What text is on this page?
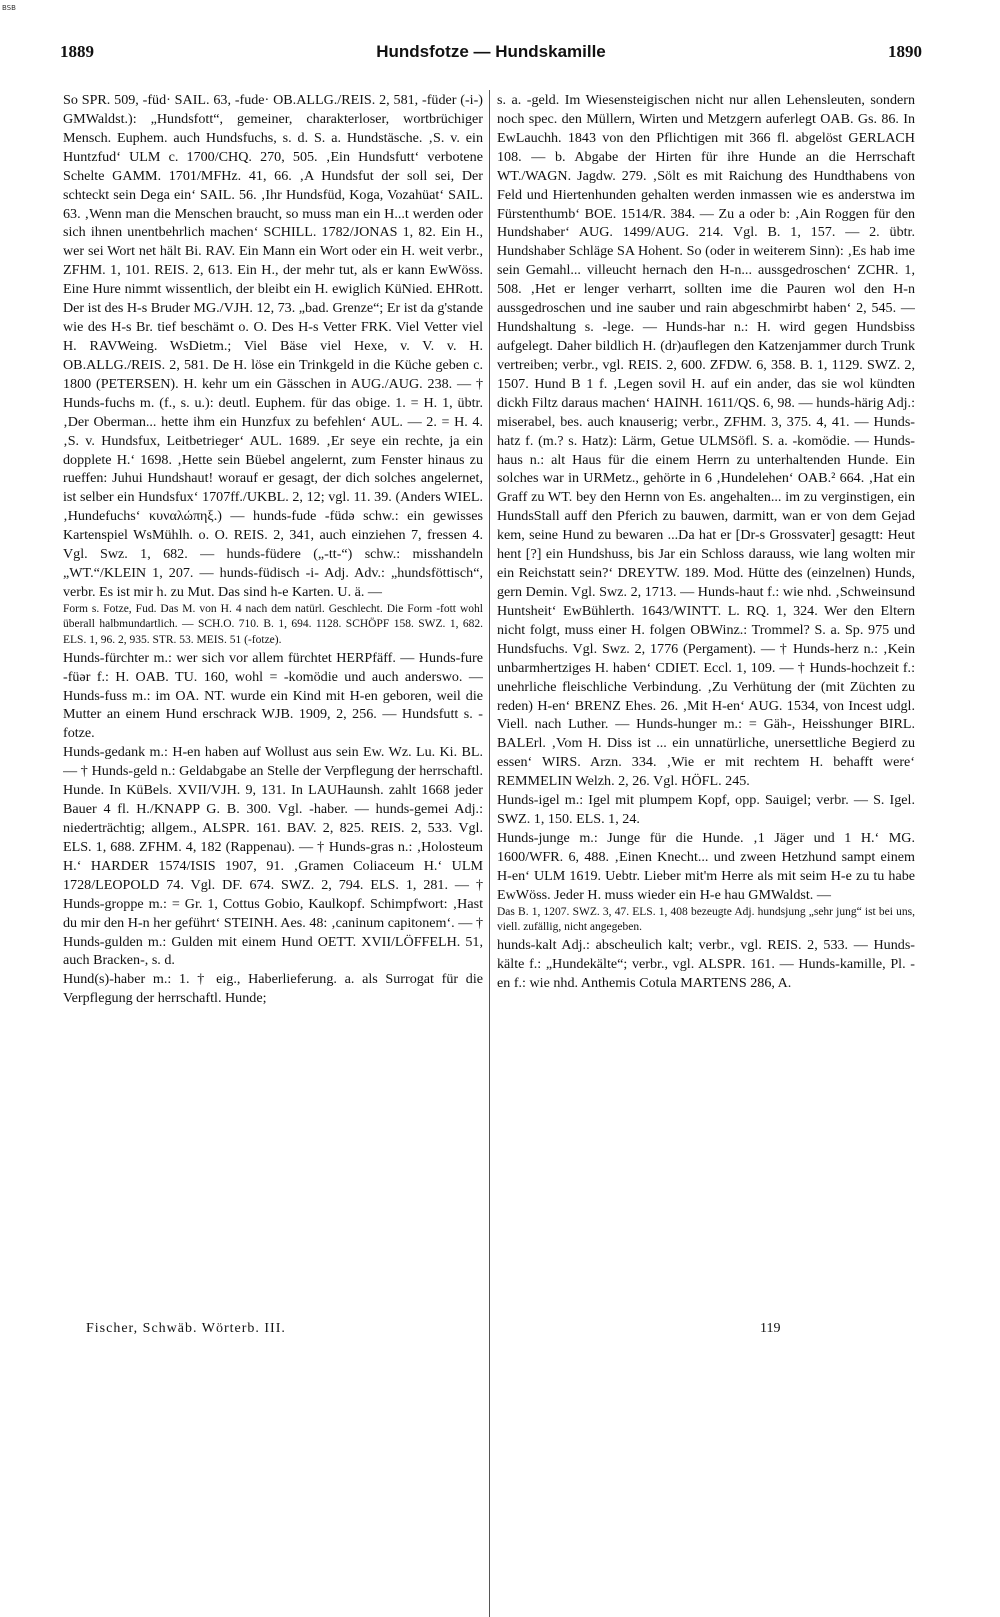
BSB
1889	Hundsfotze — Hundskamille	1890

So SPR. 509, -füd· SAIL. 63, -fude· OB.ALLG./REIS. 2, 581, -füder (-i-) GMWaldst.): „Hundsfott“, gemeiner, charakterloser, wortbrüchiger Mensch. Euphem. auch Hundsfuchs, s. d. S. a. Hundstäsche. ‚S. v. ein Huntzfud‘ ULM c. 1700/CHQ. 270, 505. ‚Ein Hundsfutt‘ verbotene Schelte GAMM. 1701/MFHz. 41, 66. ‚A Hundsfut der soll sei, Der schteckt sein Dega ein‘ SAIL. 56. ‚Ihr Hundsfüd, Koga, Vozahüat‘ SAIL. 63. ‚Wenn man die Menschen braucht, so muss man ein H...t werden oder sich ihnen unentbehrlich machen‘ SCHILL. 1782/JONAS 1, 82. Ein H., wer sei Wort net hält Bi. RAV. Ein Mann ein Wort oder ein H. weit verbr., ZFHM. 1, 101. REIS. 2, 613. Ein H., der mehr tut, als er kann EwWöss. Eine Hure nimmt wissentlich, der bleibt ein H. ewiglich KüNied. EHRott. Der ist des H-s Bruder MG./VJH. 12, 73. „bad. Grenze“; Er ist da g'stande wie des H-s Br. tief beschämt o. O. Des H-s Vetter FRK. Viel Vetter viel H. RAVWeing. WsDietm.; Viel Bäse viel Hexe, v. V. v. H. OB.ALLG./REIS. 2, 581. De H. löse ein Trinkgeld in die Küche geben c. 1800 (PETERSEN). H. kehr um ein Gässchen in AUG./AUG. 238. — † Hunds-fuchs m. (f., s. u.): deutl. Euphem. für das obige. 1. = H. 1, übtr. ‚Der Oberman... hette ihm ein Hunzfux zu befehlen‘ AUL. — 2. = H. 4. ‚S. v. Hundsfux, Leitbetrieger‘ AUL. 1689. ‚Er seye ein rechte, ja ein dopplete H.‘ 1698. ‚Hette sein Büebel angelernt, zum Fenster hinaus zu rueffen: Juhui Hundshaut! worauf er gesagt, der dich solches angelernet, ist selber ein Hundsfux‘ 1707ff./UKBL. 2, 12; vgl. 11. 39. (Anders WIEL. ‚Hundefuchs‘ κυναλώπηξ.) — hunds-fude -füdə schw.: ein gewisses Kartenspiel WsMühlh. o. O. REIS. 2, 341, auch einziehen 7, fressen 4. Vgl. Swz. 1, 682. — hunds-füdere („-tt-“) schw.: misshandeln „WT.“/KLEIN 1, 207. — hunds-füdisch -i- Adj. Adv.: „hundsföttisch“, verbr. Es ist mir h. zu Mut. Das sind h-e Karten. U. ä. —

Form s. Fotze, Fud. Das M. von H. 4 nach dem natürl. Geschlecht. Die Form -fott wohl überall halbmundartlich. — SCH.O. 710. B. 1, 694. 1128. SCHÖPF 158. SWZ. 1, 682. ELS. 1, 96. 2, 935. STR. 53. MEIS. 51 (-fotze).

Hunds-fürchter m.: wer sich vor allem fürchtet HERPfäff. — Hunds-fure -füər f.: H. OAB. TU. 160, wohl = -komödie und auch anderswo. — Hunds-fuss m.: im OA. NT. wurde ein Kind mit H-en geboren, weil die Mutter an einem Hund erschrack WJB. 1909, 2, 256. — Hundsfutt s. -fotze.

Hunds-gedank m.: H-en haben auf Wollust aus sein Ew. Wz. Lu. Ki. BL. — † Hunds-geld n.: Geldabgabe an Stelle der Verpflegung der herrschaftl. Hunde. In KüBels. XVII/VJH. 9, 131. In LAUHaunsh. zahlt 1668 jeder Bauer 4 fl. H./KNAPP G. B. 300. Vgl. -haber. — hunds-gemei Adj.: niederträchtig; allgem., ALSPR. 161. BAV. 2, 825. REIS. 2, 533. Vgl. ELS. 1, 688. ZFHM. 4, 182 (Rappenau). — † Hunds-gras n.: ‚Holosteum H.‘ HARDER 1574/ISIS 1907, 91. ‚Gramen Coliaceum H.‘ ULM 1728/LEOPOLD 74. Vgl. DF. 674. SWZ. 2, 794. ELS. 1, 281. — † Hunds-groppe m.: = Gr. 1, Cottus Gobio, Kaulkopf. Schimpfwort: ‚Hast du mir den H-n her geführt‘ STEINH. Aes. 48: ‚caninum capitonem‘. — † Hunds-gulden m.: Gulden mit einem Hund OETT. XVII/LÖFFELH. 51, auch Bracken-, s. d.

Hund(s)-haber m.: 1. † eig., Haberlieferung. a. als Surrogat für die Verpflegung der herrschaftl. Hunde;

s. a. -geld. Im Wiesensteigischen nicht nur allen Lehensleuten, sondern noch spec. den Müllern, Wirten und Metzgern auferlegt OAB. Gs. 86. In EwLauchh. 1843 von den Pflichtigen mit 366 fl. abgelöst GERLACH 108. — b. Abgabe der Hirten für ihre Hunde an die Herrschaft WT./WAGN. Jagdw. 279. ‚Sölt es mit Raichung des Hundthabens von Feld und Hiertenhunden gehalten werden inmassen wie es anderstwa im Fürstenthumb‘ BOE. 1514/R. 384. — Zu a oder b: ‚Ain Roggen für den Hundshaber‘ AUG. 1499/AUG. 214. Vgl. B. 1, 157. — 2. übtr. Hundshaber Schläge SA Hohent. So (oder in weiterem Sinn): ‚Es hab ime sein Gemahl... villeucht hernach den H-n... aussgedroschen‘ ZCHR. 1, 508. ‚Het er lenger verharrt, sollten ime die Pauren wol den H-n aussgedroschen und ine sauber und rain abgeschmirbt haben‘ 2, 545. — Hundshaltung s. -lege. — Hunds-har n.: H. wird gegen Hundsbiss aufgelegt. Daher bildlich H. (dr)auflegen den Katzenjammer durch Trunk vertreiben; verbr., vgl. REIS. 2, 600. ZFDW. 6, 358. B. 1, 1129. SWZ. 2, 1507. Hund B 1 f. ‚Legen sovil H. auf ein ander, das sie wol kündten dickh Filtz daraus machen‘ HAINH. 1611/QS. 6, 98. — hunds-härig Adj.: miserabel, bes. auch knauserig; verbr., ZFHM. 3, 375. 4, 41. — Hunds-hatz f. (m.? s. Hatz): Lärm, Getue ULMSöfl. S. a. -komödie. — Hunds-haus n.: alt Haus für die einem Herrn zu unterhaltenden Hunde. Ein solches war in URMetz., gehörte in 6 ‚Hundelehen‘ OAB.² 664. ‚Hat ein Graff zu WT. bey den Hernn von Es. angehalten... im zu verginstigen, ein HundsStall auff den Pferich zu bauwen, darmitt, wan er von dem Gejad kem, seine Hund zu bewaren ...Da hat er [Dr-s Grossvater] gesagtt: Heut hent [?] ein Hundshuss, bis Jar ein Schloss darauss, wie lang wolten mir ein Reichstatt sein?‘ DREYTW. 189. Mod. Hütte des (einzelnen) Hunds, gern Demin. Vgl. Swz. 2, 1713. — Hunds-haut f.: wie nhd. ‚Schweinsund Huntsheit‘ EwBühlerth. 1643/WINTT. L. RQ. 1, 324. Wer den Eltern nicht folgt, muss einer H. folgen OBWinz.: Trommel? S. a. Sp. 975 und Hundsfuchs. Vgl. Swz. 2, 1776 (Pergament). — † Hunds-herz n.: ‚Kein unbarmhertziges H. haben‘ CDIET. Eccl. 1, 109. — † Hunds-hochzeit f.: unehrliche fleischliche Verbindung. ‚Zu Verhütung der (mit Züchten zu reden) H-en‘ BRENZ Ehes. 26. ‚Mit H-en‘ AUG. 1534, von Incest udgl. Viell. nach Luther. — Hunds-hunger m.: = Gäh-, Heisshunger BIRL. BALErl. ‚Vom H. Diss ist ... ein unnatürliche, unersettliche Begierd zu essen‘ WIRS. Arzn. 334. ‚Wie er mit rechtem H. behafft were‘ REMMELIN Welzh. 2, 26. Vgl. HÖFL. 245.

Hunds-igel m.: Igel mit plumpem Kopf, opp. Sauigel; verbr. — S. Igel. SWZ. 1, 150. ELS. 1, 24.

Hunds-junge m.: Junge für die Hunde. ‚1 Jäger und 1 H.‘ MG. 1600/WFR. 6, 488. ‚Einen Knecht... und zween Hetzhund sampt einem H-en‘ ULM 1619. Uebtr. Lieber mit'm Herre als mit seim H-e zu tu habe EwWöss. Jeder H. muss wieder ein H-e hau GMWaldst. —

Das B. 1, 1207. SWZ. 3, 47. ELS. 1, 408 bezeugte Adj. hundsjung „sehr jung“ ist bei uns, viell. zufällig, nicht angegeben.

hunds-kalt Adj.: abscheulich kalt; verbr., vgl. REIS. 2, 533. — Hunds-kälte f.: „Hundekälte“; verbr., vgl. ALSPR. 161. — Hunds-kamille, Pl. -en f.: wie nhd. Anthemis Cotula MARTENS 286, A.

Fischer, Schwäb. Wörterb. III.	119
